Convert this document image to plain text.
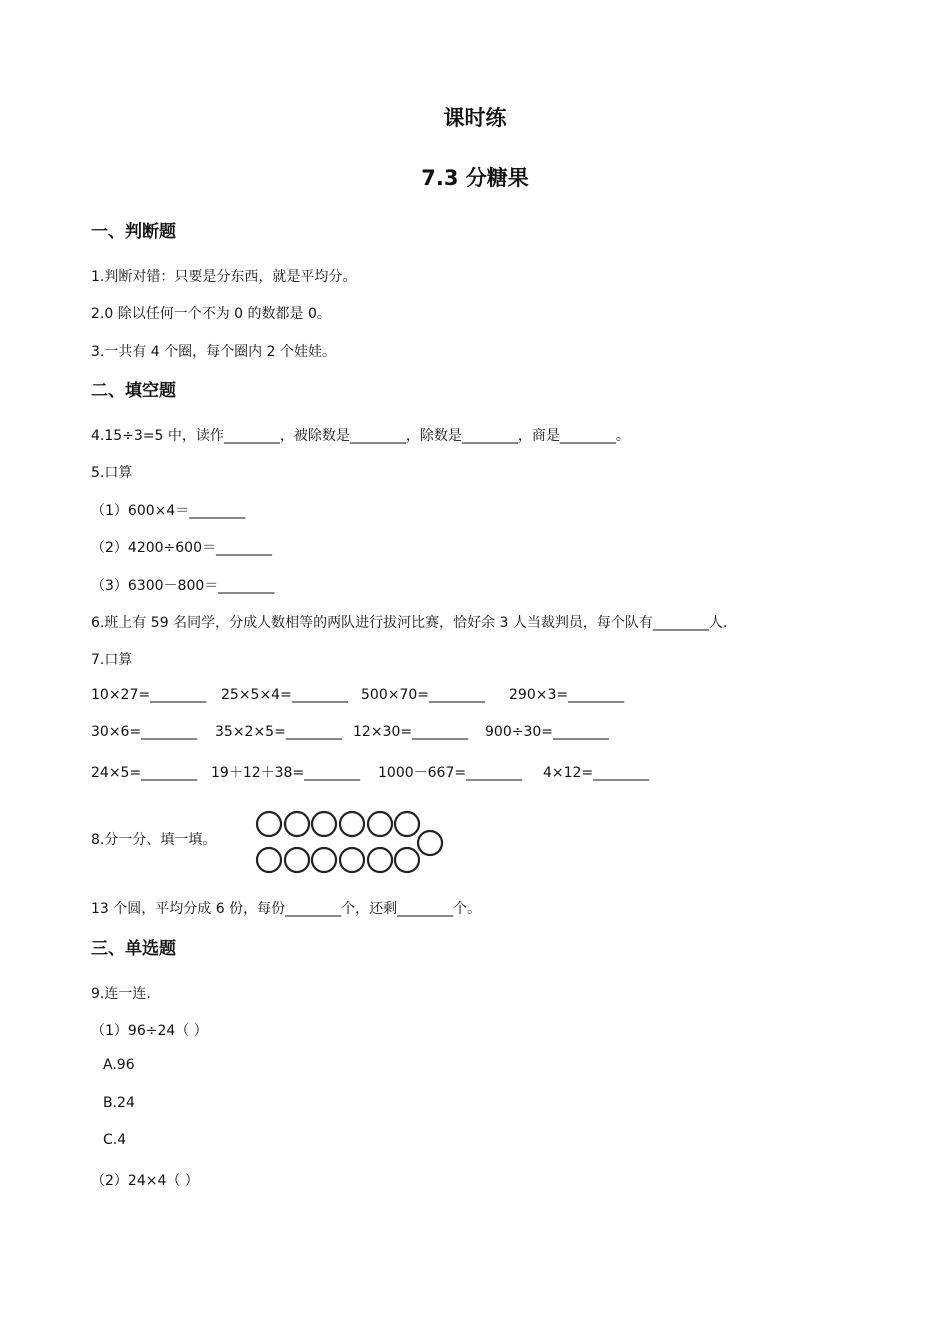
课时练
7.3 分糖果
一、判断题
1.判断对错：只要是分东西，就是平均分。
2.0 除以任何一个不为 0 的数都是 0。
3.一共有 4 个圈，每个圈内 2 个娃娃。
二、填空题
4.15÷3=5 中，读作________，被除数是________，除数是________，商是________。
5.口算
（1）600×4＝________
（2）4200÷600＝________
（3）6300－800＝________
6.班上有 59 名同学，分成人数相等的两队进行拔河比赛，恰好余 3 人当裁判员，每个队有________人.
7.口算
10×27=________ 25×5×4=________ 500×70=________ 290×3=________
30×6=________ 35×2×5=________ 12×30=________ 900÷30=________
24×5=________ 19＋12＋38=________ 1000－667=________ 4×12=________
8.分一分、填一填。
13 个圆，平均分成 6 份，每份________个，还剩________个。
三、单选题
9.连一连.
（1）96÷24（ ）
A.96
B.24
C.4
（2）24×4（ ）
